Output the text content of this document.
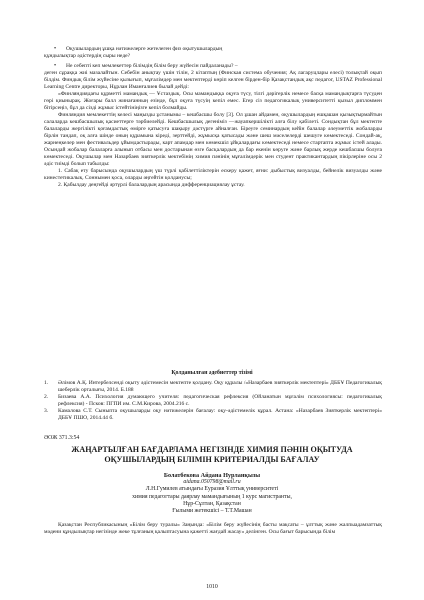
• Оқушылардың ұшқа нәтижелерге жетелеген физ оқытушылардың

құндылықтар әдістердің сыры неде?

• Не себепті кеп мемлекеттер білімдің білім беру жүйесін пайдаланады? –

деген сұраққа жиі мазалайтын. Себебін анықтау үшін тілін, 2 кітаптың (Финская система обучения; Ақ лагаруцлары елесі) толықтай оқып білдім. Финдық білім жүйесіне қызығып, мұғалімдер мен мектептерді көріп келген бірден-бір Қазақстандық ақс педагог, USTAZ Professional Learning Centre директоры, Нұрлан Иманғалиев былай дейді:

«Финляндиядағы құрметті мамандық — Ұстаздық. Осы мамандыққа оқуға түсу, тілгі дәрігерлік немесе басқа мамандықтарға түсуден гөрі қиынырақ. Жоғары балл жинағанның езінде, бұл оқуға түсуің кепіл емес. Егер сіз педагогикалық университетті қызыл дипломмен бітірсеңіз, бұл да сізді жұмыс істейтініңізге кепіл болмайды.

Финляндия мемлекеттің келесі маңызды ұстанымы – кешбасшы болу [3]. Ол ұшан айдамен, оқушылардың ешқашан қызықтырмайтын салаларда кешбасшылық қасиеттерге тәрбиелейді. Кешбасшылық дегеніміз —жауапкершілікті алға білу қабілеті. Сондықтан бұл мектепте балаларды жергілікті қоғамдастық өмірге қатысуға шақыру дәстүрге айналған. Біреуге семинардың кейін балалар әлеуметтік жобаларды бірлін тандап, оқ алға шінде оның құрамына кіреді, зерттейді, жұмысқа қатысады және шеш мәселелерді шешуге көмектеседі. Сондай-ақ, жарнеңкелер мен фестивальдер ұйымдастырады, карт апамдар мен көмекшіл ұйқалардағы көмектеседі немесе стартапта жұмыс істей алады. Осындай жобалар балаларға алынып отбасы мен достарынан өзге басқалардың да бар екенін көруге және барлық жерде кешбасшы болуға көмектеседі. Оқушылар мен Назарбаев зияткерлік мектебінің химия пәнінің мұғалімдерік мен студент практикантардың пікірлеріне осы 2 әдіс тиімді болып табылды:

1. Сабақ ету барысында оқушылардың үш түрлі қабілеттіліктерін ескеру қажет, яғни: дыбыстық визуалды, бейнелік визуалды және кинестетикалық. Соннымен қоса, оларды әңгейтін қолданусы;

2. Қабылдау деңгейді әртүрлі балалардың арасында дифференциациялау ұстау.

Қолданылған әдебиеттер тізімі

1. Әлімов А.Қ. Интербелсенді оқыту әдістемесін мектепте қолдану. Оқу құралы /«Назарбаев зияткерлік мектептері» ДББҰ Педагогикалық шеберлік орталығы, 2014. Б.188

2. Бизаева А.А. Психология думающего учителя: педагогическая рефлексия (Ойланатын мұғалім психологиясы: педагогикалық рефлексия) - Псков: ПГПИ им. С.М.Кирова, 2004.216 с.

3. Камалова С.Т. Сыныпта оқушыларды оқу нәтижелерін бағалау: оқу-әдістемелік құрал. Астана: «Назарбаев Зияткерлік мектептері» ДББҰ ПШО, 2014.44 б.

ӘОЖ 371.3:54
ЖАҢАРТЫЛҒАН БАҒДАРЛАМА НЕГІЗІНДЕ ХИМИЯ ПӘНІН ОҚЫТУДА
ОҚУШЫЛАРДЫҢ БІЛІМІН КРИТЕРИАЛДЫ БАҒАЛАУ
Болатбекова Айдана Нурланқызы
aidana.050798@mail.ru
Л.Н.Гумилев атындағы Еуразия Ұлттық университеті
химия педагогтары даярлау мамандығының 1 курс магистранты,
Нұр-Сұлтан, Қазақстан
Ғылыми жетекшісі – Т.Т.Машан

Қазақстан Республикасының «Білім беру туралы» Заңында: «Білім беру жүйесінің басты мақсаты – ұлттық және жалпыадамзаттық мәдени құндылықтар негізінде жеке тұлғаның қалыптасуына қажетті жағдай жасау» делінген. Осы бағыт барысында білім

1010
